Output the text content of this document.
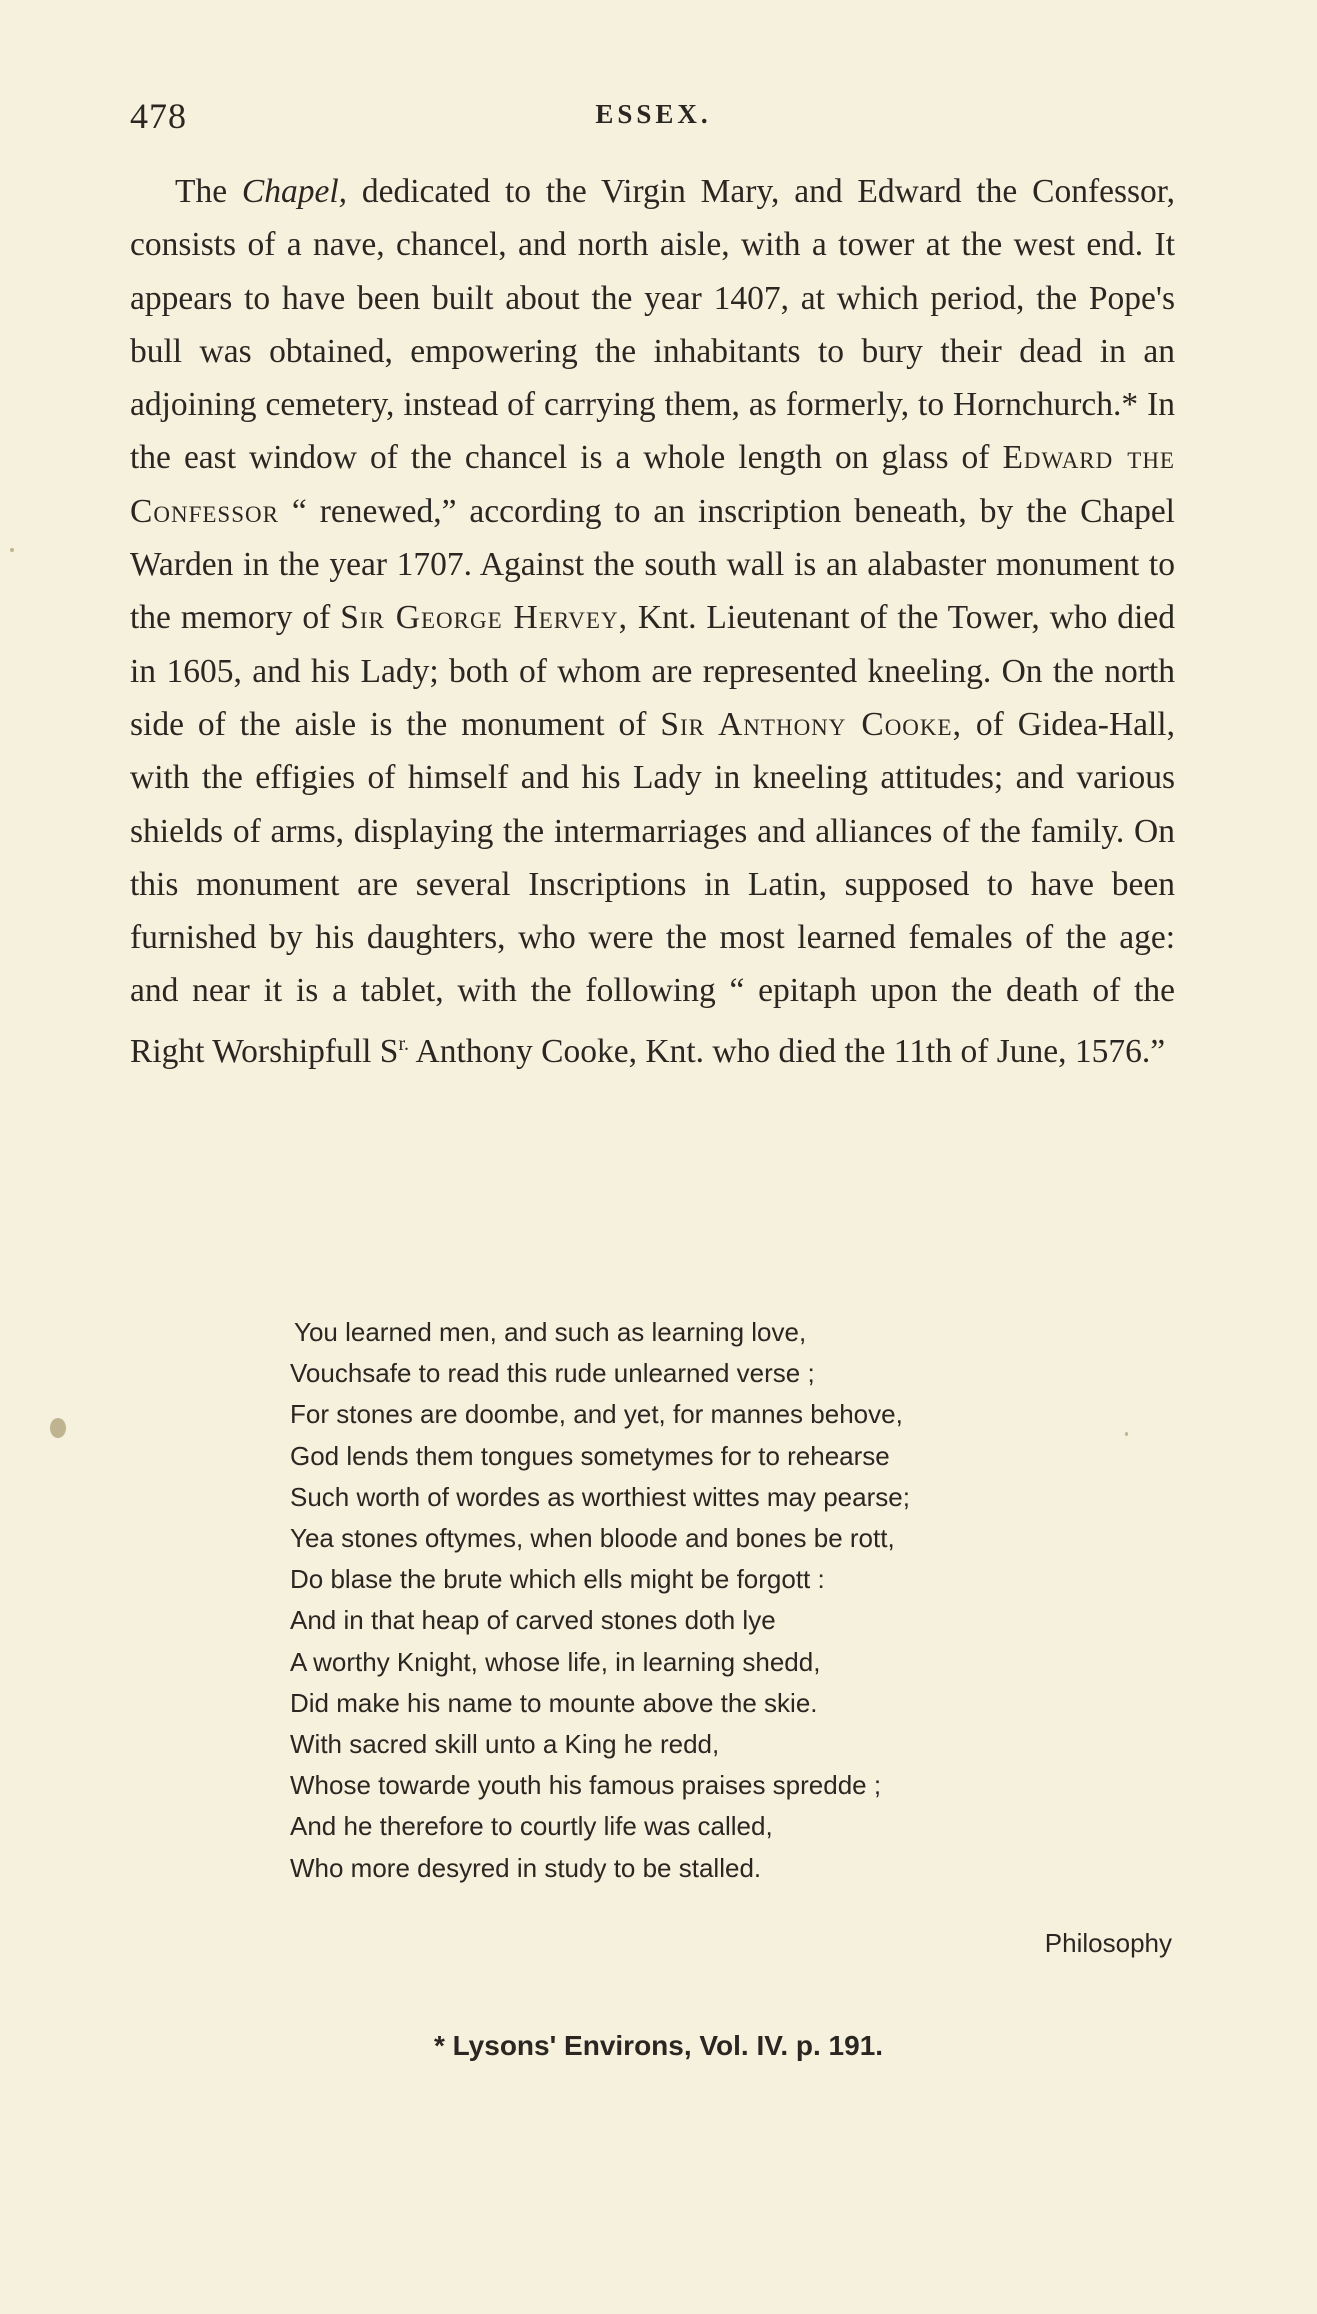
478	ESSEX.

The Chapel, dedicated to the Virgin Mary, and Edward the Confessor, consists of a nave, chancel, and north aisle, with a tower at the west end. It appears to have been built about the year 1407, at which period, the Pope's bull was obtained, empowering the inhabitants to bury their dead in an adjoining cemetery, instead of carrying them, as formerly, to Hornchurch.* In the east window of the chancel is a whole length on glass of Edward the Confessor “ renewed,” according to an inscription beneath, by the Chapel Warden in the year 1707. Against the south wall is an alabaster monument to the memory of Sir George Hervey, Knt. Lieutenant of the Tower, who died in 1605, and his Lady; both of whom are represented kneeling. On the north side of the aisle is the monument of Sir Anthony Cooke, of Gidea-Hall, with the effigies of himself and his Lady in kneeling attitudes; and various shields of arms, displaying the intermarriages and alliances of the family. On this monument are several Inscriptions in Latin, supposed to have been furnished by his daughters, who were the most learned females of the age: and near it is a tablet, with the following “ epitaph upon the death of the Right Worshipfull $S^{r.}$ Anthony Cooke, Knt. who died the 11th of June, 1576.”

You learned men, and such as learning love,
Vouchsafe to read this rude unlearned verse ;
For stones are doombe, and yet, for mannes behove,
God lends them tongues sometymes for to rehearse
Such worth of wordes as worthiest wittes may pearse;
Yea stones oftymes, when bloode and bones be rott,
Do blase the brute which ells might be forgott :
And in that heap of carved stones doth lye
A worthy Knight, whose life, in learning shedd,
Did make his name to mounte above the skie.
With sacred skill unto a King he redd,
Whose towarde youth his famous praises spredde ;
And he therefore to courtly life was called,
Who more desyred in study to be stalled.
Philosophy
* Lysons' Environs, Vol. IV. p. 191.
